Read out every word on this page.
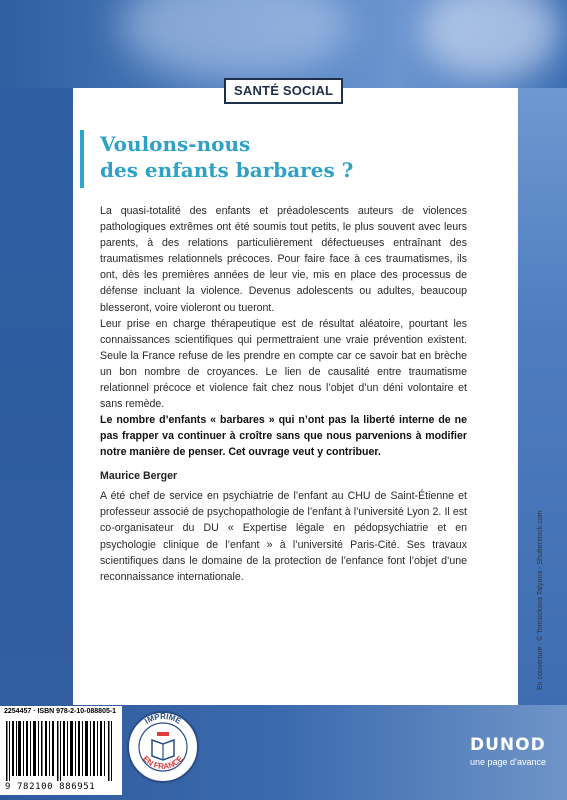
SANTÉ SOCIAL
Voulons-nous
des enfants barbares ?

La quasi-totalité des enfants et préadolescents auteurs de violences pathologiques extrêmes ont été soumis tout petits, le plus souvent avec leurs parents, à des relations particulièrement défectueuses entraînant des traumatismes relationnels précoces. Pour faire face à ces traumatismes, ils ont, dès les premières années de leur vie, mis en place des processus de défense incluant la violence. Devenus adolescents ou adultes, beaucoup blesseront, voire violeront ou tueront.

Leur prise en charge thérapeutique est de résultat aléatoire, pourtant les connaissances scientifiques qui permettraient une vraie prévention existent. Seule la France refuse de les prendre en compte car ce savoir bat en brèche un bon nombre de croyances. Le lien de causalité entre traumatisme relationnel précoce et violence fait chez nous l’objet d’un déni volontaire et sans remède.

Le nombre d’enfants « barbares » qui n’ont pas la liberté interne de ne pas frapper va continuer à croître sans que nous parvenions à modifier notre manière de penser. Cet ouvrage veut y contribuer.

Maurice Berger

A été chef de service en psychiatrie de l’enfant au CHU de Saint-Étienne et professeur associé de psychopathologie de l’enfant à l’université Lyon 2. Il est co-organisateur du DU « Expertise légale en pédopsychiatrie et en psychologie clinique de l’enfant » à l’université Paris-Cité. Ses travaux scientifiques dans le domaine de la protection de l’enfance font l’objet d’une reconnaissance internationale.	En couverture : © Tomsickova Tatyana - Shutterstock.com
2254457 · ISBN 978-2-10-088805-1
9 782100 886951
IMPRIMÉ
EN FRANCE
DUNOD
une page d’avance
